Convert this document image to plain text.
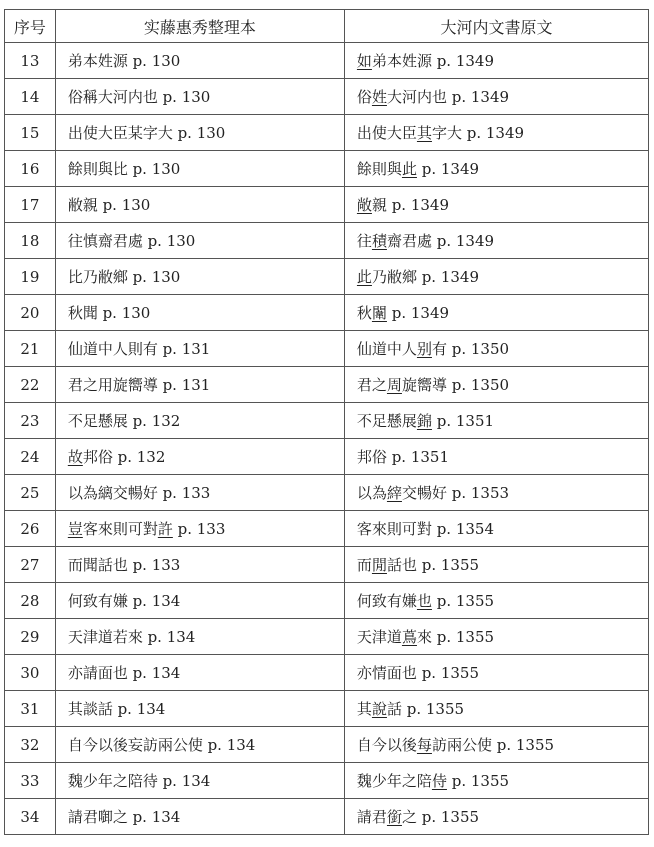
序号	实藤惠秀整理本	大河内文書原文
13	弟本姓源 p. 130	如弟本姓源 p. 1349
14	俗稱大河内也 p. 130	俗姓大河内也 p. 1349
15	出使大臣某字大 p. 130	出使大臣其字大 p. 1349
16	餘則與比 p. 130	餘則與此 p. 1349
17	敝親 p. 130	敞親 p. 1349
18	往慎齋君處 p. 130	往積齋君處 p. 1349
19	比乃敝鄉 p. 130	此乃敝鄉 p. 1349
20	秋聞 p. 130	秋闈 p. 1349
21	仙道中人則有 p. 131	仙道中人别有 p. 1350
22	君之用旋嚮導 p. 131	君之周旋嚮導 p. 1350
23	不足懸展 p. 132	不足懸展錦 p. 1351
24	故邦俗 p. 132	邦俗 p. 1351
25	以為縭交暢好 p. 133	以為縡交暢好 p. 1353
26	豈客來則可對許 p. 133	客來則可對 p. 1354
27	而聞話也 p. 133	而閒話也 p. 1355
28	何致有嫌 p. 134	何致有嫌也 p. 1355
29	天津道若來 p. 134	天津道蔦來 p. 1355
30	亦請面也 p. 134	亦情面也 p. 1355
31	其談話 p. 134	其說話 p. 1355
32	自今以後妄訪兩公使 p. 134	自今以後每訪兩公使 p. 1355
33	魏少年之陪待 p. 134	魏少年之陪侍 p. 1355
34	請君啣之 p. 134	請君銜之 p. 1355
